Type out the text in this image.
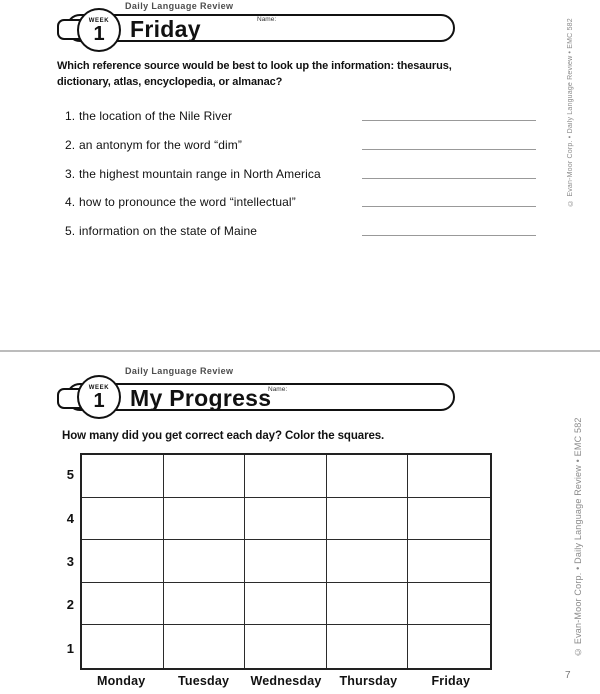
Daily Language Review
WEEK
1 Friday	Name:
Which reference source would be best to look up the information: thesaurus,
dictionary, atlas, encyclopedia, or almanac?
1. the location of the Nile River
2. an antonym for the word “dim”
3. the highest mountain range in North America
4. how to pronounce the word “intellectual”
5. information on the state of Maine
© Evan-Moor Corp. • Daily Language Review • EMC 582
Daily Language Review
WEEK
1 My Progress
Name:
How many did you get correct each day? Color the squares.
5
4
3
2
1
Monday	Tuesday	Wednesday	Thursday	Friday
© Evan-Moor Corp. • Daily Language Review • EMC 582
7
